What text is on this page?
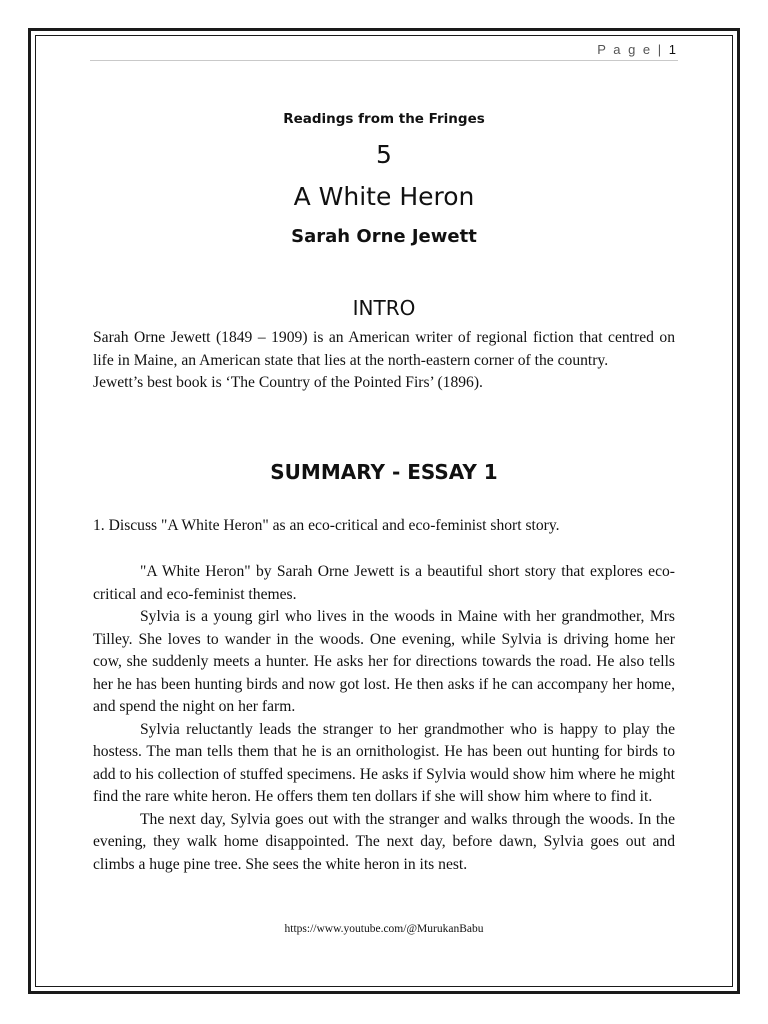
P a g e | 1
Readings from the Fringes
5
A White Heron
Sarah Orne Jewett
INTRO

Sarah Orne Jewett (1849 – 1909) is an American writer of regional fiction that centred on life in Maine, an American state that lies at the north-eastern corner of the country.

Jewett’s best book is ‘The Country of the Pointed Firs’ (1896).

SUMMARY - ESSAY 1

1. Discuss "A White Heron" as an eco-critical and eco-feminist short story.

"A White Heron" by Sarah Orne Jewett is a beautiful short story that explores eco-critical and eco-feminist themes.

Sylvia is a young girl who lives in the woods in Maine with her grandmother, Mrs Tilley. She loves to wander in the woods. One evening, while Sylvia is driving home her cow, she suddenly meets a hunter. He asks her for directions towards the road. He also tells her he has been hunting birds and now got lost. He then asks if he can accompany her home, and spend the night on her farm.

Sylvia reluctantly leads the stranger to her grandmother who is happy to play the hostess. The man tells them that he is an ornithologist. He has been out hunting for birds to add to his collection of stuffed specimens. He asks if Sylvia would show him where he might find the rare white heron. He offers them ten dollars if she will show him where to find it.

The next day, Sylvia goes out with the stranger and walks through the woods. In the evening, they walk home disappointed. The next day, before dawn, Sylvia goes out and climbs a huge pine tree. She sees the white heron in its nest.

https://www.youtube.com/@MurukanBabu
